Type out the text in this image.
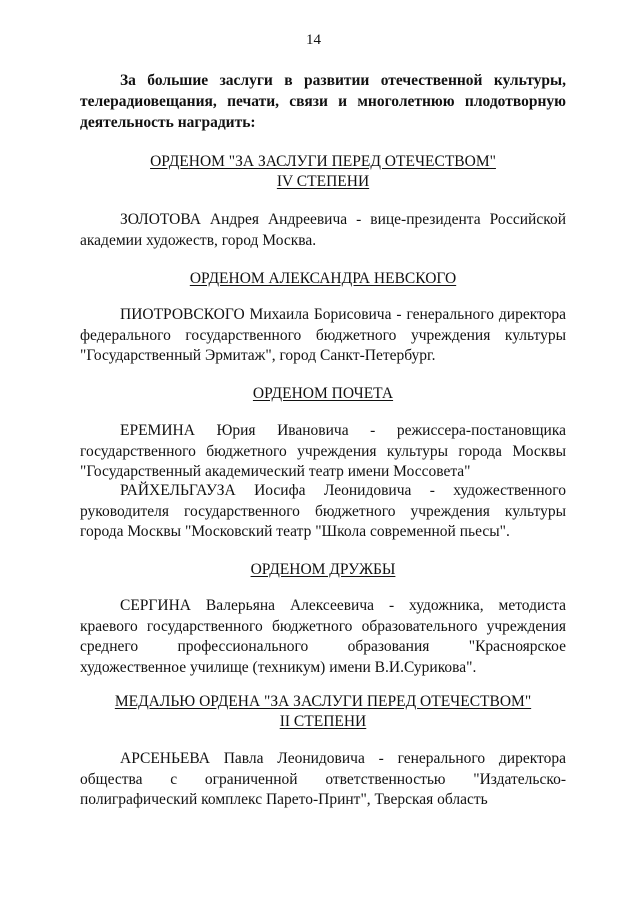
14
За большие заслуги в развитии отечественной культуры, телерадиовещания, печати, связи и многолетнюю плодотворную деятельность наградить:
ОРДЕНОМ "ЗА ЗАСЛУГИ ПЕРЕД ОТЕЧЕСТВОМ"
IV СТЕПЕНИ
ЗОЛОТОВА Андрея Андреевича - вице-президента Российской академии художеств, город Москва.
ОРДЕНОМ АЛЕКСАНДРА НЕВСКОГО
ПИОТРОВСКОГО Михаила Борисовича - генерального директора федерального государственного бюджетного учреждения культуры "Государственный Эрмитаж", город Санкт-Петербург.
ОРДЕНОМ ПОЧЕТА
ЕРЕМИНА Юрия Ивановича - режиссера-постановщика государственного бюджетного учреждения культуры города Москвы "Государственный академический театр имени Моссовета"
РАЙХЕЛЬГАУЗА Иосифа Леонидовича - художественного руководителя государственного бюджетного учреждения культуры города Москвы "Московский театр "Школа современной пьесы".
ОРДЕНОМ ДРУЖБЫ
СЕРГИНА Валерьяна Алексеевича - художника, методиста краевого государственного бюджетного образовательного учреждения среднего профессионального образования "Красноярское художественное училище (техникум) имени В.И.Сурикова".
МЕДАЛЬЮ ОРДЕНА "ЗА ЗАСЛУГИ ПЕРЕД ОТЕЧЕСТВОМ"
II СТЕПЕНИ
АРСЕНЬЕВА Павла Леонидовича - генерального директора общества с ограниченной ответственностью "Издательско-полиграфический комплекс Парето-Принт", Тверская область
